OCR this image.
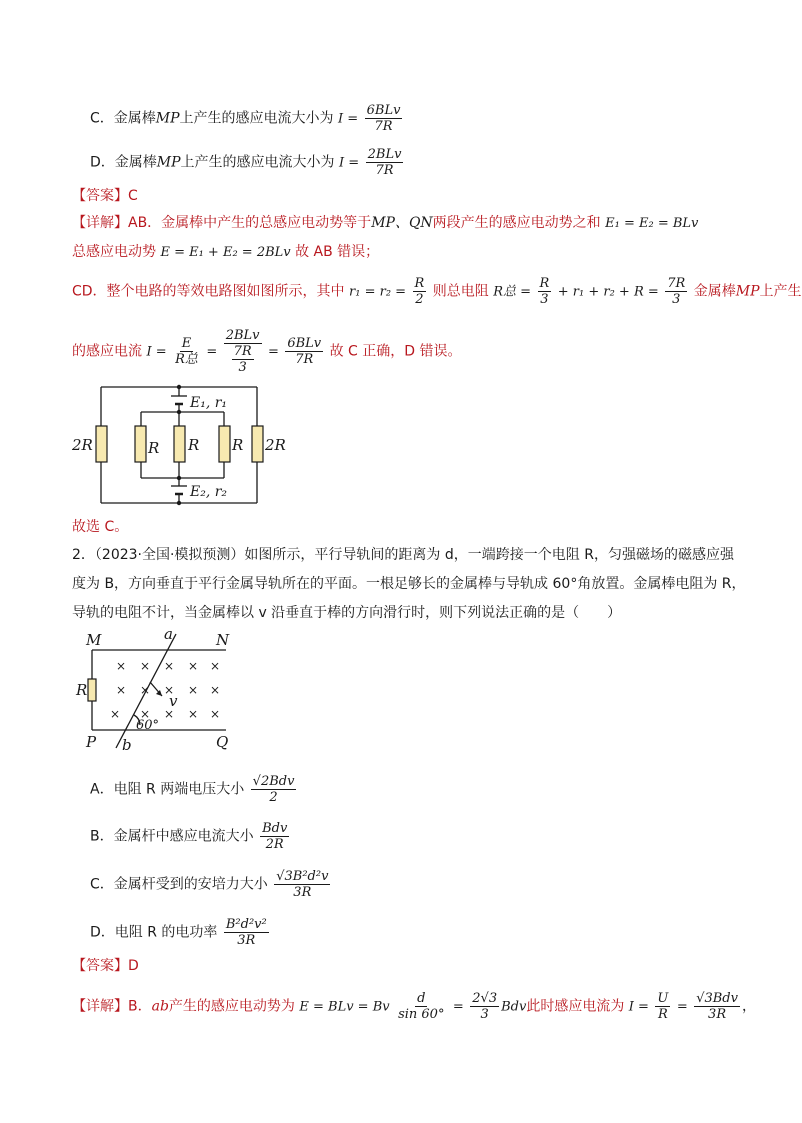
C．金属棒MP上产生的感应电流大小为 $I = \frac{\text{6BLv}}{7R}$
D．金属棒MP上产生的感应电流大小为 $I = \frac{\text{2BLv}}{7R}$
【答案】C
【详解】AB．金属棒中产生的总感应电动势等于MP、QN两段产生的感应电动势之和 E₁ = E₂ = BLv
总感应电动势 E = E₁ + E₂ = 2BLv 故 AB 错误；
CD．整个电路的等效电路图如图所示，其中 $r_1 = r_2 = \frac{R}{2}$ 则总电阻 R总 = $\frac{R}{3} + r_1 + r_2 + R = \frac{7R}{3}$ 金属棒MP上产生
的感应电流 $I = \frac{E}{\text{R总}} = \frac{\text{2BLv}}{\frac{7R}{3}} = \frac{\text{6BLv}}{7R}$ 故 C 正确，D 错误。
2R	R R R 2R
E₁, r₁
E₂, r₂
故选 C。
2．（2023·全国·模拟预测）如图所示，平行导轨间的距离为 d，一端跨接一个电阻 R，匀强磁场的磁感应强
度为 B，方向垂直于平行金属导轨所在的平面。一根足够长的金属棒与导轨成 60°角放置。金属棒电阻为 R，
导轨的电阻不计，当金属棒以 v 沿垂直于棒的方向滑行时，则下列说法正确的是（　　）
× × × × ×
× × × × ×
× × × × ×
M	N
P	Q
a
b
R
v
60°
A．电阻 R 两端电压大小 $\frac{\text{√2Bdv}}{2}$
B．金属杆中感应电流大小 $\frac{\text{Bdv}}{2R}$
C．金属杆受到的安培力大小 $\frac{\text{√3B²d²v}}{3R}$
D．电阻 R 的电功率 $\frac{\text{B²d²v²}}{3R}$
【答案】D
【详解】B．ab产生的感应电动势为 E = BLv = Bv $\frac{d}{\sin 60^\circ} = \frac{2√3}{3}$ Bdv此时感应电流为 $I = \frac{U}{R} = \frac{\text{√3Bdv}}{3R}$ ，
